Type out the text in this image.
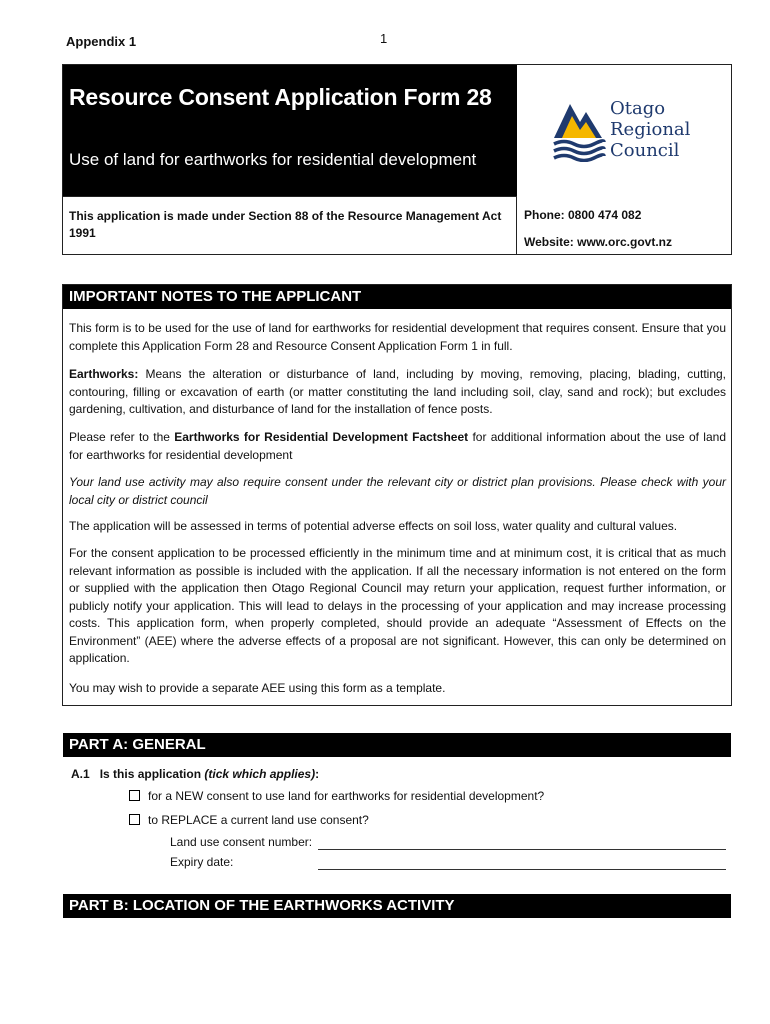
Appendix 1	1
Resource Consent Application Form 28
Use of land for earthworks for residential development
This application is made under Section 88 of the Resource Management Act 1991
Phone: 0800 474 082
Website: www.orc.govt.nz
Otago
Regional
Council
IMPORTANT NOTES TO THE APPLICANT
This form is to be used for the use of land for earthworks for residential development that requires consent. Ensure that you complete this Application Form 28 and Resource Consent Application Form 1 in full.
Earthworks: Means the alteration or disturbance of land, including by moving, removing, placing, blading, cutting, contouring, filling or excavation of earth (or matter constituting the land including soil, clay, sand and rock); but excludes gardening, cultivation, and disturbance of land for the installation of fence posts.
Please refer to the Earthworks for Residential Development Factsheet for additional information about the use of land for earthworks for residential development
Your land use activity may also require consent under the relevant city or district plan provisions. Please check with your local city or district council
The application will be assessed in terms of potential adverse effects on soil loss, water quality and cultural values.
For the consent application to be processed efficiently in the minimum time and at minimum cost, it is critical that as much relevant information as possible is included with the application. If all the necessary information is not entered on the form or supplied with the application then Otago Regional Council may return your application, request further information, or publicly notify your application. This will lead to delays in the processing of your application and may increase processing costs. This application form, when properly completed, should provide an adequate “Assessment of Effects on the Environment” (AEE) where the adverse effects of a proposal are not significant. However, this can only be determined on application.
You may wish to provide a separate AEE using this form as a template.
PART A: GENERAL
A.1 Is this application (tick which applies):
for a NEW consent to use land for earthworks for residential development?
to REPLACE a current land use consent?
Land use consent number:
Expiry date:
PART B: LOCATION OF THE EARTHWORKS ACTIVITY
